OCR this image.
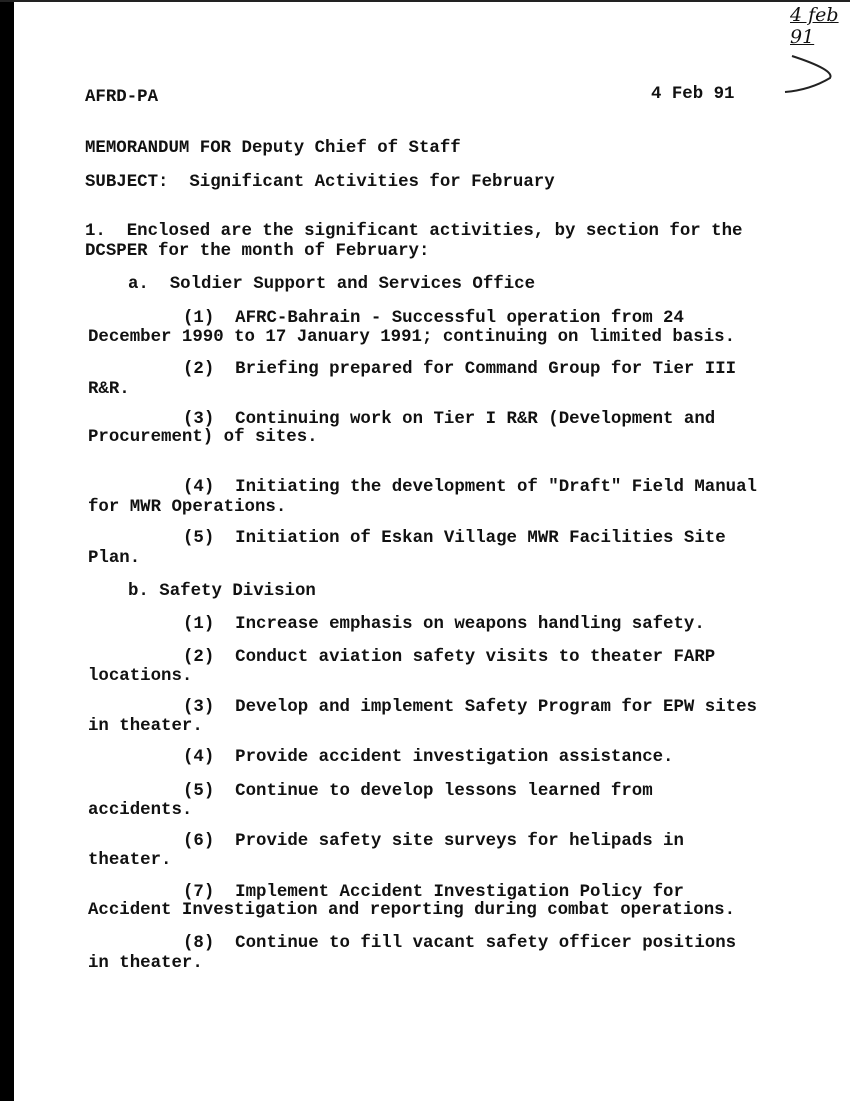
4 feb 91
AFRD-PA	4 Feb 91
MEMORANDUM FOR Deputy Chief of Staff
SUBJECT:  Significant Activities for February
1.  Enclosed are the significant activities, by section for the
DCSPER for the month of February:
a.  Soldier Support and Services Office
(1)  AFRC-Bahrain - Successful operation from 24
December 1990 to 17 January 1991; continuing on limited basis.
(2)  Briefing prepared for Command Group for Tier III
R&R.
(3)  Continuing work on Tier I R&R (Development and
Procurement) of sites.
(4)  Initiating the development of "Draft" Field Manual
for MWR Operations.
(5)  Initiation of Eskan Village MWR Facilities Site
Plan.
b. Safety Division
(1)  Increase emphasis on weapons handling safety.
(2)  Conduct aviation safety visits to theater FARP
locations.
(3)  Develop and implement Safety Program for EPW sites
in theater.
(4)  Provide accident investigation assistance.
(5)  Continue to develop lessons learned from
accidents.
(6)  Provide safety site surveys for helipads in
theater.
(7)  Implement Accident Investigation Policy for
Accident Investigation and reporting during combat operations.
(8)  Continue to fill vacant safety officer positions
in theater.
